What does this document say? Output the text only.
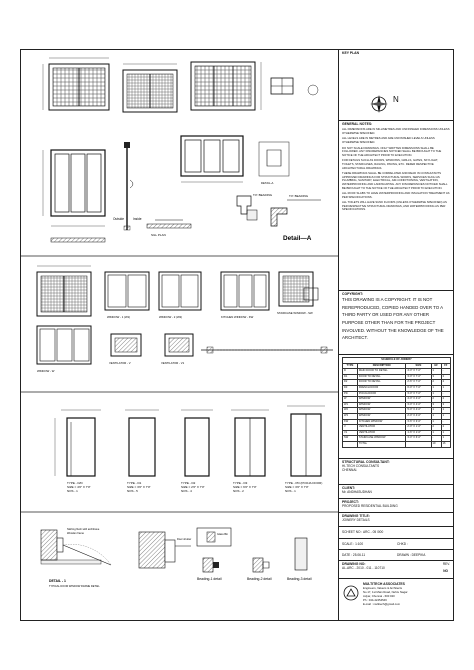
Outside	Inside
SILL PLAN
DETAIL-A
T.P. BEADING	T.P. BEADING
Detail—A
WINDOW - W
WINDOW - 1 (W1)
VENTILATOR - V
WINDOW - 2 (W2)
VENTILATOR - V1
KITCHEN WINDOW - KW
STAIRCASE WINDOW - SW
TYPE - D/D
SIZE = 4'0" X 7'0"
NOS - 1
TYPE - D1
SIZE = 3'0" X 7'0"
NOS - 5
TYPE - D2
SIZE = 2'6" X 7'0"
NOS - 4
TYPE - D3
SIZE = 6'0" X 7'0"
NOS - 2
TYPE - PD (POOJA DOOR)
SIZE = 3'0" X 7'0"
NOS - 1
Skirting flush with architrave
Wooden frame
DETAIL - 1
TYPICAL DOOR WINDOW FRAME DETAIL
Door shutter
Glass Bin
Beading-1 detail	Beading-2 detail	Beading-3 detail
KEY PLAN
N
GENERAL NOTES:
ALL DIMENSIONS ARE IN MILLIMETRES AND UNFINISHED DIMENSIONS UNLESS OTHERWISE SPECIFIED.
ALL LEVELS ARE IN METRES AND ARE UNFINISHED LEVELS UNLESS OTHERWISE SPECIFIED.
DO NOT SCALE DRAWINGS. ONLY WRITTEN DIMENSIONS SHALL BE FOLLOWED. ANY DISCREPANCIES NOTICED SHALL BE BROUGHT TO THE NOTICE OF THE ARCHITECT PRIOR TO EXECUTION.
FOR DETAILS SUCH AS DOORS, WINDOWS, GRILLS, GATES, SKYLIGHT, TOILETS, STAIRCASES, RAILING, PAVING, ETC. REFER RESPECTIVE ARCHITECTURAL DRAWINGS.
THESE DRAWINGS SHALL BE CORRELATED AND READ IN CONSULTANTS APPROVED DRAWINGS FOR STRUCTURAL WORKS, SERVICES SUCH AS PLUMBING, SANITARY, ELECTRICAL, AIR-CONDITIONING, VENTILATION, WATERPROOFING AND LANDSCAPING. ANY DISCREPANCIES NOTICED SHALL BE BROUGHT TO THE NOTICE OF THE ARCHITECT PRIOR TO EXECUTION.
ALL ROOF SLABS TO HAVE WATERPROOFING AND INSULATION TREATMENT AS PER SPECIFICATIONS.
ALL TOILETS WILL HAVE SUNK FLOORS (UNLESS OTHERWISE SPECIFIED) AS PER RESPECTIVE STRUCTURAL DRAWINGS, AND WATERPROOFING AS PER SPECIFICATIONS.
COPYRIGHT:
THIS DRAWING IS A COPYRIGHT. IT IS NOT REREPRODUCED, COPIED HANDED OVER TO A THIRD PARTY OR USED FOR ANY OTHER PURPOSE OTHER THAN FOR THE PROJECT INVOLVED. WITHOUT THE KNOWLEDGE OF THE ARCHITECT.
SCHEDULE OF JOINERY				
TYPE	DESCRIPTION	SIZE	GF	FF
D	MAIN DOOR TO DETAIL	4'-0" X 7'-0"	1	-
D1	DOOR TO DETAIL	3'-0" X 7'-0"	3	2
D2	DOOR TO DETAIL	2'-6" X 7'-0"	2	2
D3	FRENCH DOOR	6'-0" X 7'-0"	1	1
PD	POOJA DOOR	3'-0" X 7'-0"	1	-
W	WINDOW	4'-0" X 4'-0"	2	2
W1	WINDOW	3'-0" X 4'-0"	3	3
W2	WINDOW	5'-0" X 4'-0"	1	1
W3	WINDOW	2'-0" X 4'-0"	1	1
KW	KITCHEN WINDOW	3'-6" X 3'-6"	1	-
V	VENTILATOR	2'-0" X 1'-6"	2	2
V1	VENTILATOR	1'-6" X 1'-6"	1	1
SW	STAIRCASE WINDOW	3'-0" X 6'-0"	-	1
	TOTAL		19	16
STRUCTURAL CONSULTANT:
HI-TECH CONSULTANTS
CHENNAI.
CLIENT:
Mr. ANDHASUDHAN
PROJECT:
PROPOSED RESIDENTIAL BUILDING
DRAWING TITLE:
JOINERY DETAILS
SCHEET NO : ARC - 05 /000
SCALE : 1:100	CHKD :
DATE : 25.06.11	DRAWN : DEEPIKA
DRAWING NO:
AL-ARC - 2010 - 011 - 110710
REV.
NO
MULTITECH ASSOCIATES
Engineers, Valuers & Architects
No.17, 1st Main Road, Nehru Nagar
Adyar, Chennai - 600 020
Ph : 044-42454546
E-mail : multitech@gmail.com
